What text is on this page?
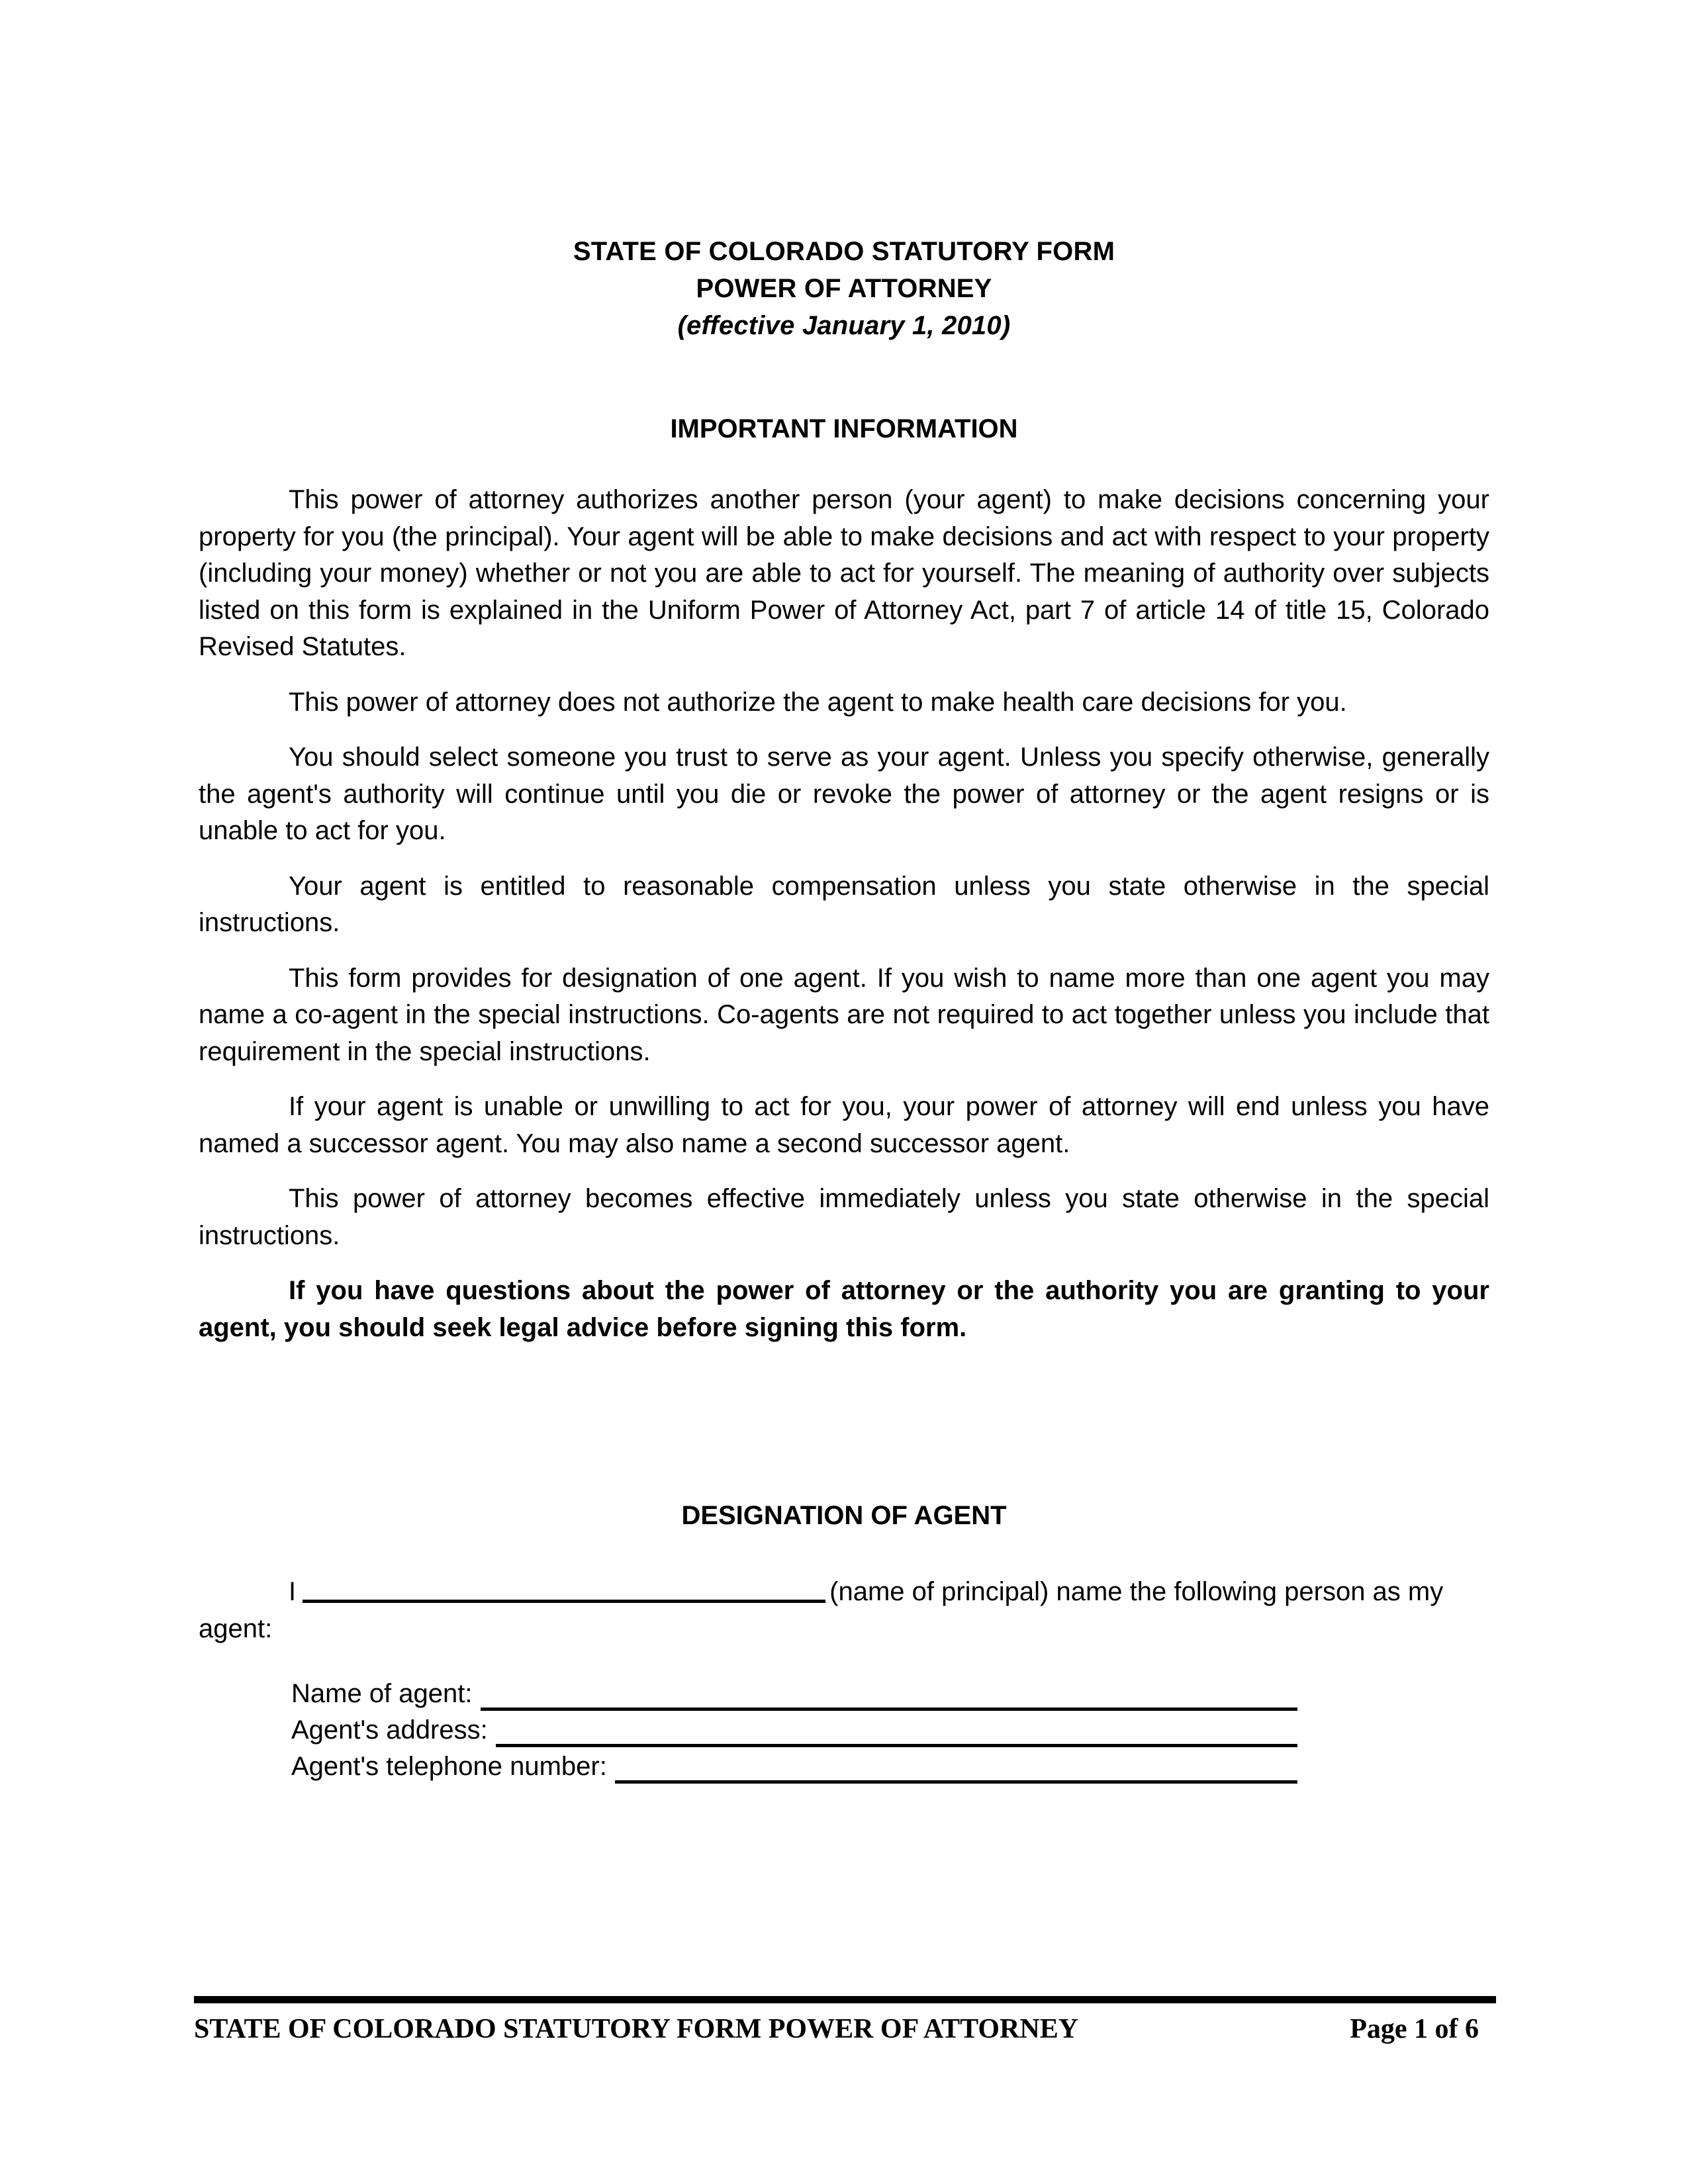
STATE OF COLORADO STATUTORY FORM
POWER OF ATTORNEY
(effective January 1, 2010)
IMPORTANT INFORMATION

This power of attorney authorizes another person (your agent) to make decisions concerning your property for you (the principal). Your agent will be able to make decisions and act with respect to your property (including your money) whether or not you are able to act for yourself. The meaning of authority over subjects listed on this form is explained in the Uniform Power of Attorney Act, part 7 of article 14 of title 15, Colorado Revised Statutes.

This power of attorney does not authorize the agent to make health care decisions for you.

You should select someone you trust to serve as your agent. Unless you specify otherwise, generally the agent's authority will continue until you die or revoke the power of attorney or the agent resigns or is unable to act for you.

Your agent is entitled to reasonable compensation unless you state otherwise in the special instructions.

This form provides for designation of one agent. If you wish to name more than one agent you may name a co-agent in the special instructions. Co-agents are not required to act together unless you include that requirement in the special instructions.

If your agent is unable or unwilling to act for you, your power of attorney will end unless you have named a successor agent. You may also name a second successor agent.

This power of attorney becomes effective immediately unless you state otherwise in the special instructions.

If you have questions about the power of attorney or the authority you are granting to your agent, you should seek legal advice before signing this form.

DESIGNATION OF AGENT

I	(name of principal) name the following person as my agent:

Name of agent:
Agent's address:
Agent's telephone number:
STATE OF COLORADO STATUTORY FORM POWER OF ATTORNEY	Page 1 of 6
